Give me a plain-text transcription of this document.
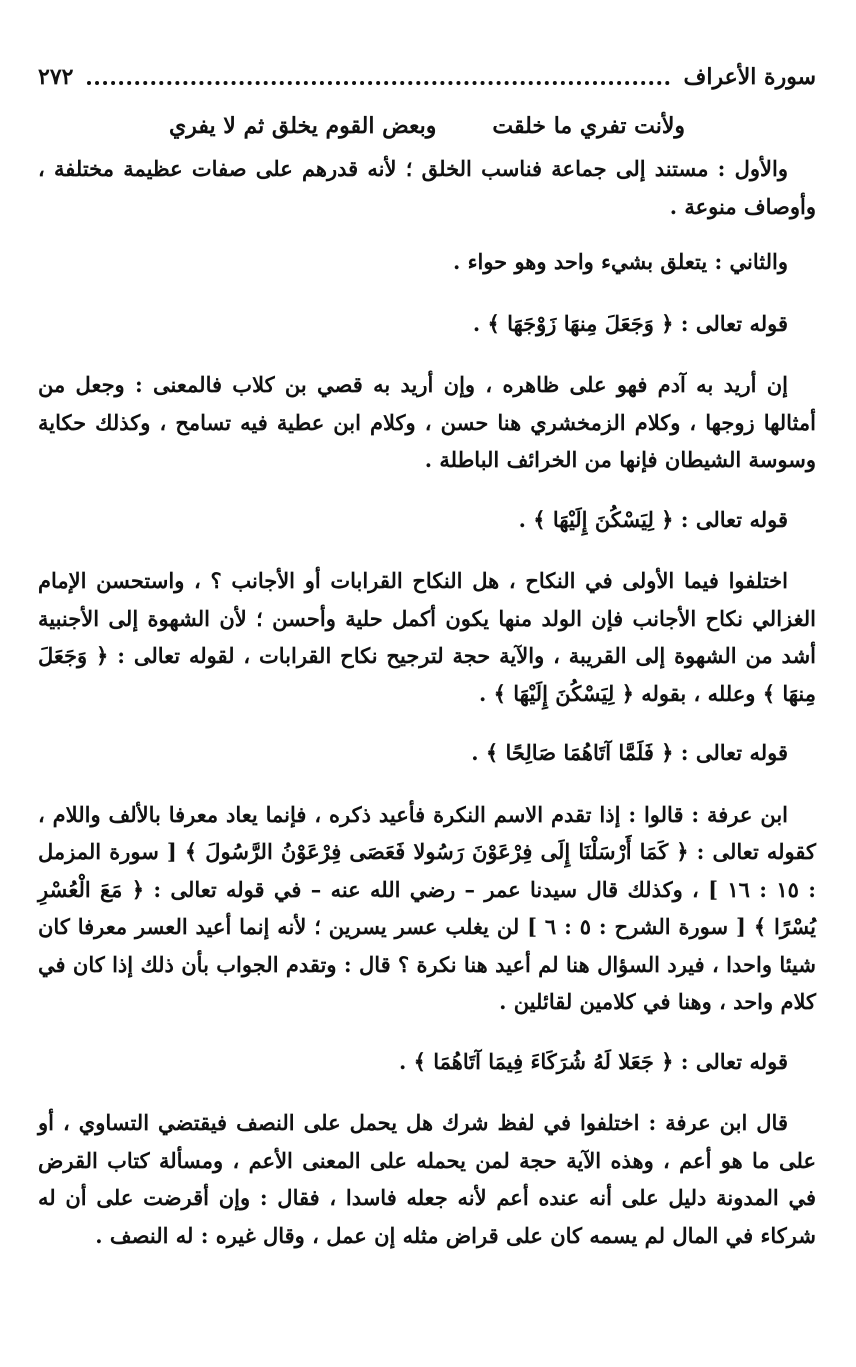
٢٧٢	سورة الأعراف
ولأنت تفري ما خلقت
وبعض القوم يخلق ثم لا يفري

والأول : مستند إلى جماعة فناسب الخلق ؛ لأنه قدرهم على صفات عظيمة مختلفة ، وأوصاف منوعة .

والثاني : يتعلق بشيء واحد وهو حواء .

قوله تعالى : ﴿ وَجَعَلَ مِنهَا زَوْجَهَا ﴾ .

إن أريد به آدم فهو على ظاهره ، وإن أريد به قصي بن كلاب فالمعنى : وجعل من أمثالها زوجها ، وكلام الزمخشري هنا حسن ، وكلام ابن عطية فيه تسامح ، وكذلك حكاية وسوسة الشيطان فإنها من الخرائف الباطلة .

قوله تعالى : ﴿ لِيَسْكُنَ إِلَيْهَا ﴾ .

اختلفوا فيما الأولى في النكاح ، هل النكاح القرابات أو الأجانب ؟ ، واستحسن الإمام الغزالي نكاح الأجانب فإن الولد منها يكون أكمل حلية وأحسن ؛ لأن الشهوة إلى الأجنبية أشد من الشهوة إلى القريبة ، والآية حجة لترجيح نكاح القرابات ، لقوله تعالى : ﴿ وَجَعَلَ مِنهَا ﴾ وعلله ، بقوله ﴿ لِيَسْكُنَ إِلَيْهَا ﴾ .

قوله تعالى : ﴿ فَلَمَّا آتَاهُمَا صَالِحًا ﴾ .

ابن عرفة : قالوا : إذا تقدم الاسم النكرة فأعيد ذكره ، فإنما يعاد معرفا بالألف واللام ، كقوله تعالى : ﴿ كَمَا أَرْسَلْنَا إِلَى فِرْعَوْنَ رَسُولا فَعَصَى فِرْعَوْنُ الرَّسُولَ ﴾ [ سورة المزمل : ١٥ : ١٦ ] ، وكذلك قال سيدنا عمر – رضي الله عنه – في قوله تعالى : ﴿ مَعَ الْعُسْرِ يُسْرًا ﴾ [ سورة الشرح : ٥ : ٦ ] لن يغلب عسر يسرين ؛ لأنه إنما أعيد العسر معرفا كان شيئا واحدا ، فيرد السؤال هنا لم أعيد هنا نكرة ؟ قال : وتقدم الجواب بأن ذلك إذا كان في كلام واحد ، وهنا في كلامين لقائلين .

قوله تعالى : ﴿ جَعَلا لَهُ شُرَكَاءَ فِيمَا آتَاهُمَا ﴾ .

قال ابن عرفة : اختلفوا في لفظ شرك هل يحمل على النصف فيقتضي التساوي ، أو على ما هو أعم ، وهذه الآية حجة لمن يحمله على المعنى الأعم ، ومسألة كتاب القرض في المدونة دليل على أنه عنده أعم لأنه جعله فاسدا ، فقال : وإن أقرضت على أن له شركاء في المال لم يسمه كان على قراض مثله إن عمل ، وقال غيره : له النصف .
